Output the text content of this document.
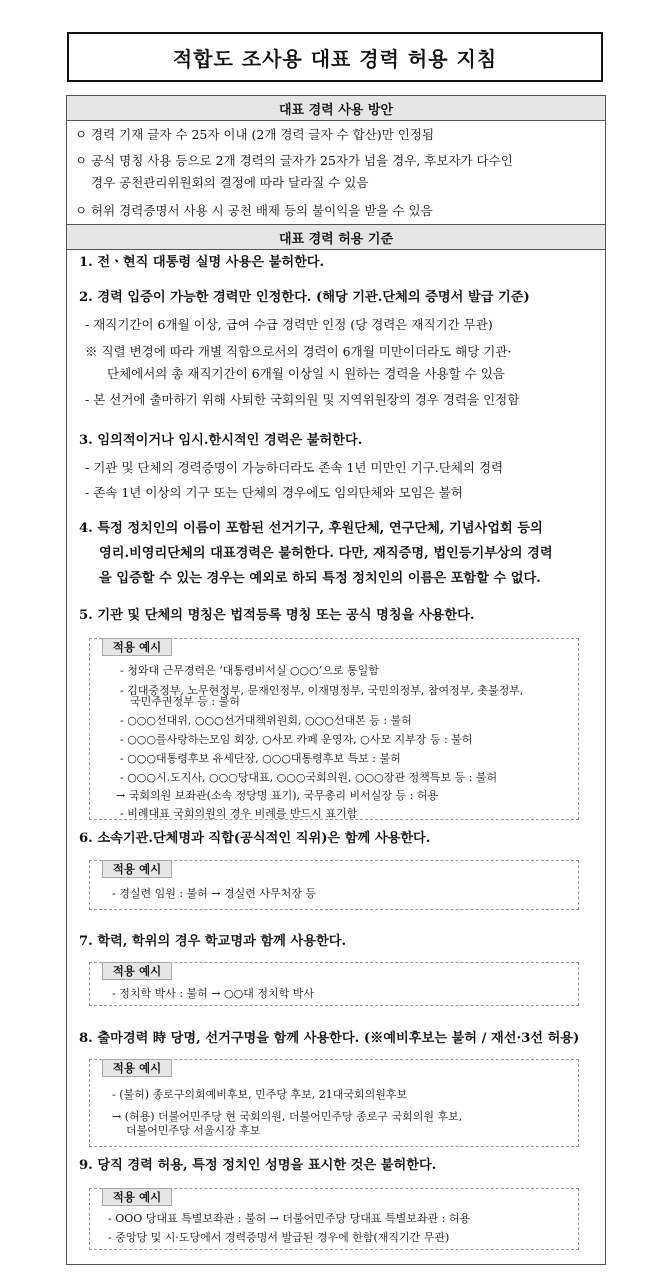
적합도 조사용 대표 경력 허용 지침
대표 경력 사용 방안
ㅇ 경력 기재 글자 수 25자 이내 (2개 경력 글자 수 합산)만 인정됨
ㅇ 공식 명칭 사용 등으로 2개 경력의 글자가 25자가 넘을 경우, 후보자가 다수인
경우 공천관리위원회의 결정에 따라 달라질 수 있음
ㅇ 허위 경력증명서 사용 시 공천 배제 등의 불이익을 받을 수 있음
대표 경력 허용 기준
1. 전ㆍ현직 대통령 실명 사용은 불허한다.
2. 경력 입증이 가능한 경력만 인정한다. (해당 기관.단체의 증명서 발급 기준)
- 재직기간이 6개월 이상, 급여 수급 경력만 인정 (당 경력은 재직기간 무관)
※ 직렬 변경에 따라 개별 직함으로서의 경력이 6개월 미만이더라도 해당 기관·
단체에서의 총 재직기간이 6개월 이상일 시 원하는 경력을 사용할 수 있음
- 본 선거에 출마하기 위해 사퇴한 국회의원 및 지역위원장의 경우 경력을 인정함
3. 임의적이거나 임시.한시적인 경력은 불허한다.
- 기관 및 단체의 경력증명이 가능하더라도 존속 1년 미만인 기구.단체의 경력
- 존속 1년 이상의 기구 또는 단체의 경우에도 임의단체와 모임은 불허
4. 특정 정치인의 이름이 포함된 선거기구, 후원단체, 연구단체, 기념사업회 등의
영리.비영리단체의 대표경력은 불허한다. 다만, 재직증명, 법인등기부상의 경력
을 입증할 수 있는 경우는 예외로 하되 특정 정치인의 이름은 포함할 수 없다.
5. 기관 및 단체의 명칭은 법적등록 명칭 또는 공식 명칭을 사용한다.
적용 예시
- 청와대 근무경력은 ‘대통령비서실 ○○○’으로 통일함
- 김대중정부, 노무현정부, 문재인정부, 이재명정부, 국민의정부, 참여정부, 촛불정부,
국민주권정부 등 : 불허
- ○○○선대위, ○○○선거대책위원회, ○○○선대본 등 : 불허
- ○○○를사랑하는모임 회장, ○사모 카페 운영자, ○사모 지부장 등 : 불허
- ○○○대통령후보 유세단장, ○○○대통령후보 특보 : 불허
- ○○○시.도지사, ○○○당대표, ○○○국회의원, ○○○장관 정책특보 등 : 불허
→ 국회의원 보좌관(소속 정당명 표기), 국무총리 비서실장 등 : 허용
- 비례대표 국회의원의 경우 비례를 반드시 표기함
6. 소속기관.단체명과 직합(공식적인 직위)은 함께 사용한다.
적용 예시
- 경실련 임원 : 불허 → 경실련 사무처장 등
7. 학력, 학위의 경우 학교명과 함께 사용한다.
적용 예시
- 정치학 박사 : 불허 → ○○대 정치학 박사
8. 출마경력 時 당명, 선거구명을 함께 사용한다. (※예비후보는 불허 / 재선·3선 허용)
적용 예시
- (불허) 종로구의회예비후보, 민주당 후보, 21대국회의원후보
→ (허용) 더불어민주당 현 국회의원, 더불어민주당 종로구 국회의원 후보,
더불어민주당 서울시장 후보
9. 당직 경력 허용, 특정 정치인 성명을 표시한 것은 불허한다.
적용 예시
- OOO 당대표 특별보좌관 : 불허 → 더불어민주당 당대표 특별보좌관 : 허용
- 중앙당 및 시·도당에서 경력증명서 발급된 경우에 한함(재직기간 무관)
